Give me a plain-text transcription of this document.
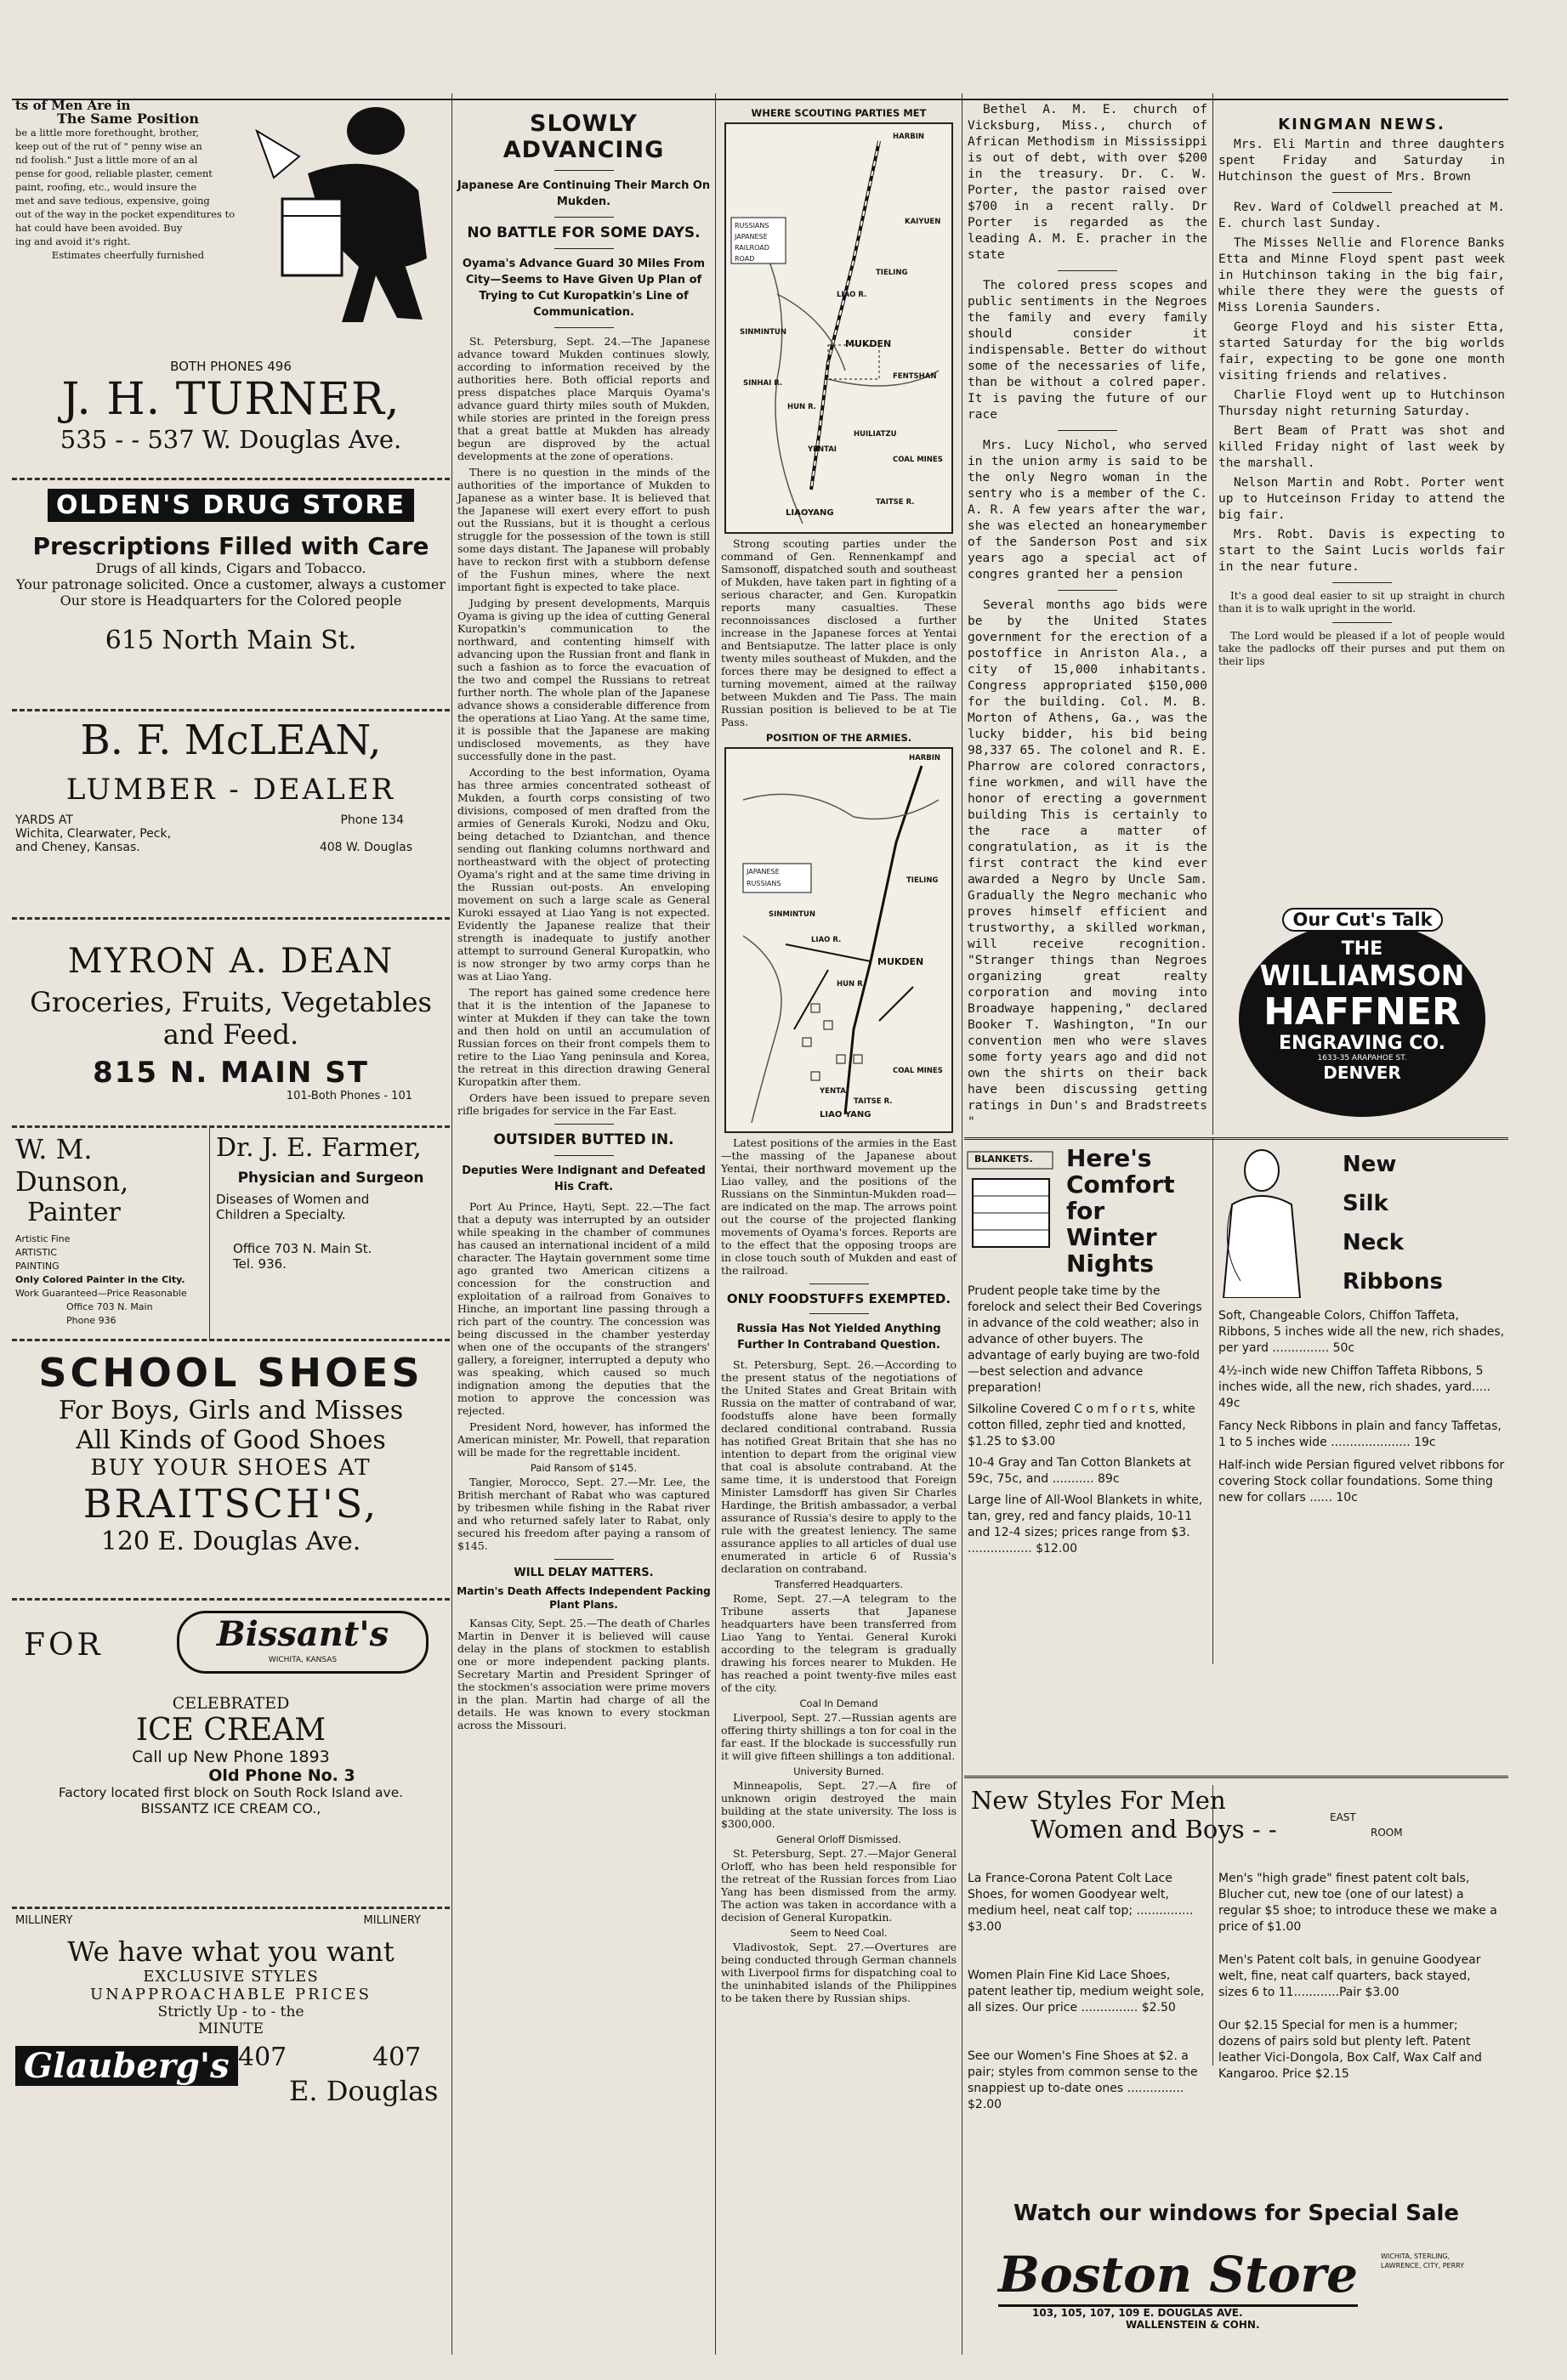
ts of Men Are in
The Same Position
be a little more forethought, brother,
keep out of the rut of " penny wise an
nd foolish." Just a little more of an al
pense for good, reliable plaster, cement
paint, roofing, etc., would insure the
met and save tedious, expensive, going
out of the way in the pocket expenditures to
hat could have been avoided. Buy
ing and avoid it's right.
Estimates cheerfully furnished
BOTH PHONES 496
J. H. TURNER,
535 - - 537 W. Douglas Ave.
OLDEN'S DRUG STORE
Prescriptions Filled with Care
Drugs of all kinds, Cigars and Tobacco.
Your patronage solicited. Once a customer, always a customer
Our store is Headquarters for the Colored people
615 North Main St.
B. F. McLEAN,
LUMBER - DEALER
YARDS AT	Phone 134
Wichita, Clearwater, Peck,
and Cheney, Kansas.	408 W. Douglas
MYRON A. DEAN
Groceries, Fruits, Vegetables
and Feed.
815 N. MAIN ST
101-Both Phones - 101
W. M. Dunson,
Painter
Artistic Fine
ARTISTIC
PAINTING
Only Colored Painter in the City.
Work Guaranteed—Price Reasonable
Office 703 N. Main
Phone 936
Dr. J. E. Farmer,
Physician and Surgeon
Diseases of Women and
Children a Specialty.
Office 703 N. Main St.
Tel. 936.
SCHOOL SHOES
For Boys, Girls and Misses
All Kinds of Good Shoes
BUY YOUR SHOES AT
BRAITSCH'S,
120 E. Douglas Ave.
FOR	Bissant's
WICHITA, KANSAS
CELEBRATED
ICE CREAM
Call up New Phone 1893
Old Phone No. 3
Factory located first block on South Rock Island ave.
BISSANTZ ICE CREAM CO.,
MILLINERY	MILLINERY
We have what you want
EXCLUSIVE STYLES
UNAPPROACHABLE PRICES
Strictly Up - to - the
MINUTE
Glauberg's 407	407
E. Douglas
SLOWLY ADVANCING
Japanese Are Continuing Their March On Mukden.
NO BATTLE FOR SOME DAYS.
Oyama's Advance Guard 30 Miles From City—Seems to Have Given Up Plan of Trying to Cut Kuropatkin's Line of Communication.

St. Petersburg, Sept. 24.—The Japanese advance toward Mukden continues slowly, according to information received by the authorities here. Both official reports and press dispatches place Marquis Oyama's advance guard thirty miles south of Mukden, while stories are printed in the foreign press that a great battle at Mukden has already begun are disproved by the actual developments at the zone of operations.

There is no question in the minds of the authorities of the importance of Mukden to Japanese as a winter base. It is believed that the Japanese will exert every effort to push out the Russians, but it is thought a cerlous struggle for the possession of the town is still some days distant. The Japanese will probably have to reckon first with a stubborn defense of the Fushun mines, where the next important fight is expected to take place.

Judging by present developments, Marquis Oyama is giving up the idea of cutting General Kuropatkin's communication to the northward, and contenting himself with advancing upon the Russian front and flank in such a fashion as to force the evacuation of the two and compel the Russians to retreat further north. The whole plan of the Japanese advance shows a considerable difference from the operations at Liao Yang. At the same time, it is possible that the Japanese are making undisclosed movements, as they have successfully done in the past.

According to the best information, Oyama has three armies concentrated sotheast of Mukden, a fourth corps consisting of two divisions, composed of men drafted from the armies of Generals Kuroki, Nodzu and Oku, being detached to Dziantchan, and thence sending out flanking columns northward and northeastward with the object of protecting Oyama's right and at the same time driving in the Russian out-posts. An enveloping movement on such a large scale as General Kuroki essayed at Liao Yang is not expected. Evidently the Japanese realize that their strength is inadequate to justify another attempt to surround General Kuropatkin, who is now stronger by two army corps than he was at Liao Yang.

The report has gained some credence here that it is the intention of the Japanese to winter at Mukden if they can take the town and then hold on until an accumulation of Russian forces on their front compels them to retire to the Liao Yang peninsula and Korea, the retreat in this direction drawing General Kuropatkin after them.

Orders have been issued to prepare seven rifle brigades for service in the Far East.

OUTSIDER BUTTED IN.
Deputies Were Indignant and Defeated His Craft.

Port Au Prince, Hayti, Sept. 22.—The fact that a deputy was interrupted by an outsider while speaking in the chamber of communes has caused an international incident of a mild character. The Haytain government some time ago granted two American citizens a concession for the construction and exploitation of a railroad from Gonaives to Hinche, an important line passing through a rich part of the country. The concession was being discussed in the chamber yesterday when one of the occupants of the strangers' gallery, a foreigner, interrupted a deputy who was speaking, which caused so much indignation among the deputies that the motion to approve the concession was rejected.

President Nord, however, has informed the American minister, Mr. Powell, that reparation will be made for the regrettable incident.

Paid Ransom of $145.

Tangier, Morocco, Sept. 27.—Mr. Lee, the British merchant of Rabat who was captured by tribesmen while fishing in the Rabat river and who returned safely later to Rabat, only secured his freedom after paying a ransom of $145.

WILL DELAY MATTERS.
Martin's Death Affects Independent Packing Plant Plans.

Kansas City, Sept. 25.—The death of Charles Martin in Denver it is believed will cause delay in the plans of stockmen to establish one or more independent packing plants. Secretary Martin and President Springer of the stockmen's association were prime movers in the plan. Martin had charge of all the details. He was known to every stockman across the Missouri.

WHERE SCOUTING PARTIES MET
RUSSIANS
JAPANESE
RAILROAD
ROAD
HARBIN
KAIYUEN
TIELING
SINMINTUN
MUKDEN
FENTSHAN
HUILIATZU
YENTAI
COAL MINES
LIAOYANG
TAITSE R.
HUN R.
SINHAI R.
LIAO R.

Strong scouting parties under the command of Gen. Rennenkampf and Samsonoff, dispatched south and southeast of Mukden, have taken part in fighting of a serious character, and Gen. Kuropatkin reports many casualties. These reconnoissances disclosed a further increase in the Japanese forces at Yentai and Bentsiaputze. The latter place is only twenty miles southeast of Mukden, and the forces there may be designed to effect a turning movement, aimed at the railway between Mukden and Tie Pass. The main Russian position is believed to be at Tie Pass.

POSITION OF THE ARMIES.
JAPANESE
RUSSIANS
HARBIN
TIELING
SINMINTUN
LIAO R.
MUKDEN
HUN R.
YENTAI
COAL MINES
TAITSE R.
LIAO YANG

Latest positions of the armies in the East—the massing of the Japanese about Yentai, their northward movement up the Liao valley, and the positions of the Russians on the Sinmintun-Mukden road—are indicated on the map. The arrows point out the course of the projected flanking movements of Oyama's forces. Reports are to the effect that the opposing troops are in close touch south of Mukden and east of the railroad.

ONLY FOODSTUFFS EXEMPTED.
Russia Has Not Yielded Anything Further In Contraband Question.

St. Petersburg, Sept. 26.—According to the present status of the negotiations of the United States and Great Britain with Russia on the matter of contraband of war, foodstuffs alone have been formally declared conditional contraband. Russia has notified Great Britain that she has no intention to depart from the original view that coal is absolute contraband. At the same time, it is understood that Foreign Minister Lamsdorff has given Sir Charles Hardinge, the British ambassador, a verbal assurance of Russia's desire to apply to the rule with the greatest leniency. The same assurance applies to all articles of dual use enumerated in article 6 of Russia's declaration on contraband.

Transferred Headquarters.

Rome, Sept. 27.—A telegram to the Tribune asserts that Japanese headquarters have been transferred from Liao Yang to Yentai. General Kuroki according to the telegram is gradually drawing his forces nearer to Mukden. He has reached a point twenty-five miles east of the city.

Coal In Demand

Liverpool, Sept. 27.—Russian agents are offering thirty shillings a ton for coal in the far east. If the blockade is successfully run it will give fifteen shillings a ton additional.

University Burned.

Minneapolis, Sept. 27.—A fire of unknown origin destroyed the main building at the state university. The loss is $300,000.

General Orloff Dismissed.

St. Petersburg, Sept. 27.—Major General Orloff, who has been held responsible for the retreat of the Russian forces from Liao Yang has been dismissed from the army. The action was taken in accordance with a decision of General Kuropatkin.

Seem to Need Coal.

Vladivostok, Sept. 27.—Overtures are being conducted through German channels with Liverpool firms for dispatching coal to the uninhabited islands of the Philippines to be taken there by Russian ships.

Bethel A. M. E. church of Vicksburg, Miss., church of African Methodism in Mississippi is out of debt, with over $200 in the treasury. Dr. C. W. Porter, the pastor raised over $700 in a recent rally. Dr Porter is regarded as the leading A. M. E. pracher in the state

The colored press scopes and public sentiments in the Negroes the family and every family should consider it indispensable. Better do without some of the necessaries of life, than be without a colred paper. It is paving the future of our race

Mrs. Lucy Nichol, who served in the union army is said to be the only Negro woman in the sentry who is a member of the C. A. R. A few years after the war, she was elected an honearymember of the Sanderson Post and six years ago a special act of congres granted her a pension

Several months ago bids were be by the United States government for the erection of a postoffice in Anriston Ala., a city of 15,000 inhabitants. Congress appropriated $150,000 for the building. Col. M. B. Morton of Athens, Ga., was the lucky bidder, his bid being 98,337 65. The colonel and R. E. Pharrow are colored conractors, fine workmen, and will have the honor of erecting a government building This is certainly to the race a matter of congratulation, as it is the first contract the kind ever awarded a Negro by Uncle Sam. Gradually the Negro mechanic who proves himself efficient and trustworthy, a skilled workman, will receive recognition. "Stranger things than Negroes organizing great realty corporation and moving into Broadwaye happening," declared Booker T. Washington, "In our convention men who were slaves some forty years ago and did not own the shirts on their back have been discussing getting ratings in Dun's and Bradstreets "

KINGMAN NEWS.

Mrs. Eli Martin and three daughters spent Friday and Saturday in Hutchinson the guest of Mrs. Brown

Rev. Ward of Coldwell preached at M. E. church last Sunday.

The Misses Nellie and Florence Banks Etta and Minne Floyd spent past week in Hutchinson taking in the big fair, while there they were the guests of Miss Lorenia Saunders.

George Floyd and his sister Etta, started Saturday for the big worlds fair, expecting to be gone one month visiting friends and relatives.

Charlie Floyd went up to Hutchinson Thursday night returning Saturday.

Bert Beam of Pratt was shot and killed Friday night of last week by the marshall.

Nelson Martin and Robt. Porter went up to Hutceinson Friday to attend the big fair.

Mrs. Robt. Davis is expecting to start to the Saint Lucis worlds fair in the near future.

It's a good deal easier to sit up straight in church than it is to walk upright in the world.

The Lord would be pleased if a lot of people would take the padlocks off their purses and put them on their lips

Our Cut's Talk
THE
WILLIAMSON
HAFFNER
ENGRAVING CO.
1633-35 ARAPAHOE ST.
DENVER
BLANKETS. Here's
Comfort
for
Winter
Nights

Prudent people take time by the forelock and select their Bed Coverings in advance of the cold weather; also in advance of other buyers. The advantage of early buying are two-fold—best selection and advance preparation!

Silkoline Covered C o m f o r t s, white cotton filled, zephr tied and knotted, $1.25 to $3.00

10-4 Gray and Tan Cotton Blankets at 59c, 75c, and ........... 89c

Large line of All-Wool Blankets in white, tan, grey, red and fancy plaids, 10-11 and 12-4 sizes; prices range from $3. ................. $12.00

New
Silk
Neck
Ribbons

Soft, Changeable Colors, Chiffon Taffeta, Ribbons, 5 inches wide all the new, rich shades, per yard ............... 50c

4½-inch wide new Chiffon Taffeta Ribbons, 5 inches wide, all the new, rich shades, yard..... 49c

Fancy Neck Ribbons in plain and fancy Taffetas, 1 to 5 inches wide ..................... 19c

Half-inch wide Persian figured velvet ribbons for covering Stock collar foundations. Some thing new for collars ...... 10c

New Styles For Men
Women and Boys - -	EAST
ROOM

La France-Corona Patent Colt Lace Shoes, for women Goodyear welt, medium heel, neat calf top; ............... $3.00

Women Plain Fine Kid Lace Shoes, patent leather tip, medium weight sole, all sizes. Our price ............... $2.50

See our Women's Fine Shoes at $2. a pair; styles from common sense to the snappiest up to-date ones ............... $2.00

Men's "high grade" finest patent colt bals, Blucher cut, new toe (one of our latest) a regular $5 shoe; to introduce these we make a price of $1.00

Men's Patent colt bals, in genuine Goodyear welt, fine, neat calf quarters, back stayed, sizes 6 to 11............Pair $3.00

Our $2.15 Special for men is a hummer; dozens of pairs sold but plenty left. Patent leather Vici-Dongola, Box Calf, Wax Calf and Kangaroo. Price $2.15

Watch our windows for Special Sale
Boston Store
103, 105, 107, 109 E. DOUGLAS AVE.
WALLENSTEIN & COHN.
WICHITA, STERLING, LAWRENCE, CITY, PERRY
